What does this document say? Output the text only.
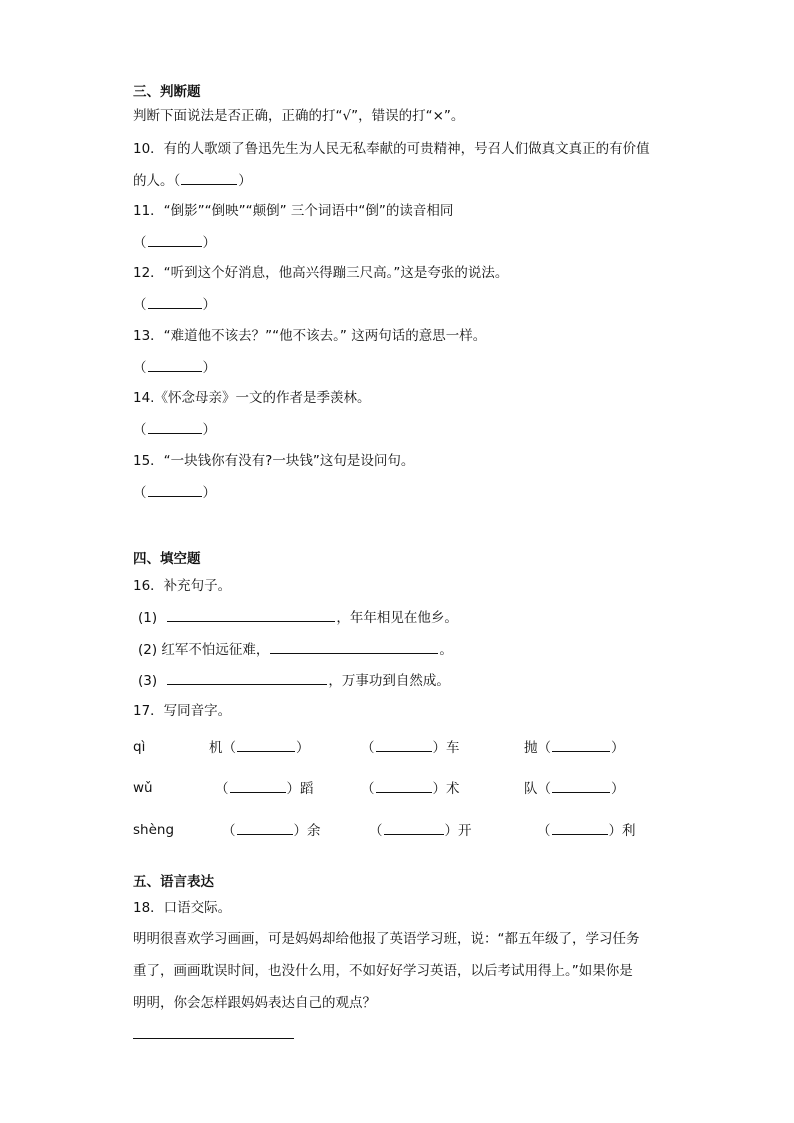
三、判断题
判断下面说法是否正确，正确的打“√”，错误的打“×”。
10．有的人歌颂了鲁迅先生为人民无私奉献的可贵精神，号召人们做真文真正的有价值
的人。（	）
11．“倒影”“倒映”“颠倒” 三个词语中“倒”的读音相同
（	）
12．“听到这个好消息，他高兴得蹦三尺高。”这是夸张的说法。
（	）
13．“难道他不该去？”“他不该去。” 这两句话的意思一样。
（	）
14.《怀念母亲》一文的作者是季羡林。
（	）
15．“一块钱你有没有?一块钱”这句是设问句。
（	）
四、填空题
16．补充句子。
(1)	，年年相见在他乡。
(2) 红军不怕远征难，	。
(3)	，万事功到自然成。
17．写同音字。
qì	机（	）	（	）车	抛（	）
wǔ	（	）蹈	（	）术	队（	）
shèng	（	）余	（	）开	（	）利
五、语言表达
18．口语交际。
明明很喜欢学习画画，可是妈妈却给他报了英语学习班，说：“都五年级了，学习任务
重了，画画耽误时间，也没什么用，不如好好学习英语，以后考试用得上。”如果你是
明明，你会怎样跟妈妈表达自己的观点？
